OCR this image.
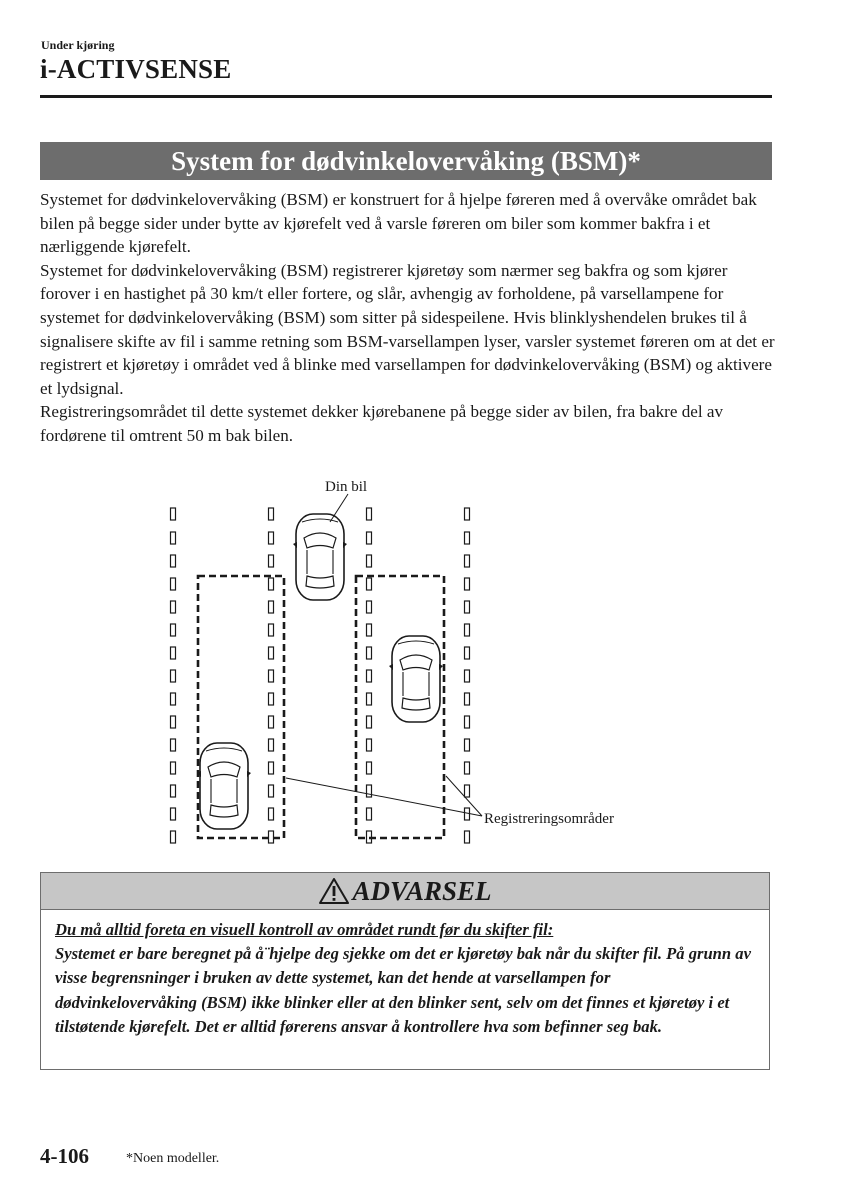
Under kjøring
i-ACTIVSENSE
System for dødvinkelovervåking (BSM)*

Systemet for dødvinkelovervåking (BSM) er konstruert for å hjelpe føreren med å overvåke området bak bilen på begge sider under bytte av kjørefelt ved å varsle føreren om biler som kommer bakfra i et nærliggende kjørefelt.

Systemet for dødvinkelovervåking (BSM) registrerer kjøretøy som nærmer seg bakfra og som kjører forover i en hastighet på 30 km/t eller fortere, og slår, avhengig av forholdene, på varsellampene for systemet for dødvinkelovervåking (BSM) som sitter på sidespeilene. Hvis blinklyshendelen brukes til å signalisere skifte av fil i samme retning som BSM-varsellampen lyser, varsler systemet føreren om at det er registrert et kjøretøy i området ved å blinke med varsellampen for dødvinkelovervåking (BSM) og aktivere et lydsignal.

Registreringsområdet til dette systemet dekker kjørebanene på begge sider av bilen, fra bakre del av fordørene til omtrent 50 m bak bilen.

Din bil
Registreringsområder
ADVARSEL

Du må alltid foreta en visuell kontroll av området rundt før du skifter fil:

Systemet er bare beregnet på å¨hjelpe deg sjekke om det er kjøretøy bak når du skifter fil. På grunn av visse begrensninger i bruken av dette systemet, kan det hende at varsellampen for dødvinkelovervåking (BSM) ikke blinker eller at den blinker sent, selv om det finnes et kjøretøy i et tilstøtende kjørefelt. Det er alltid førerens ansvar å kontrollere hva som befinner seg bak.

4-106	*Noen modeller.
